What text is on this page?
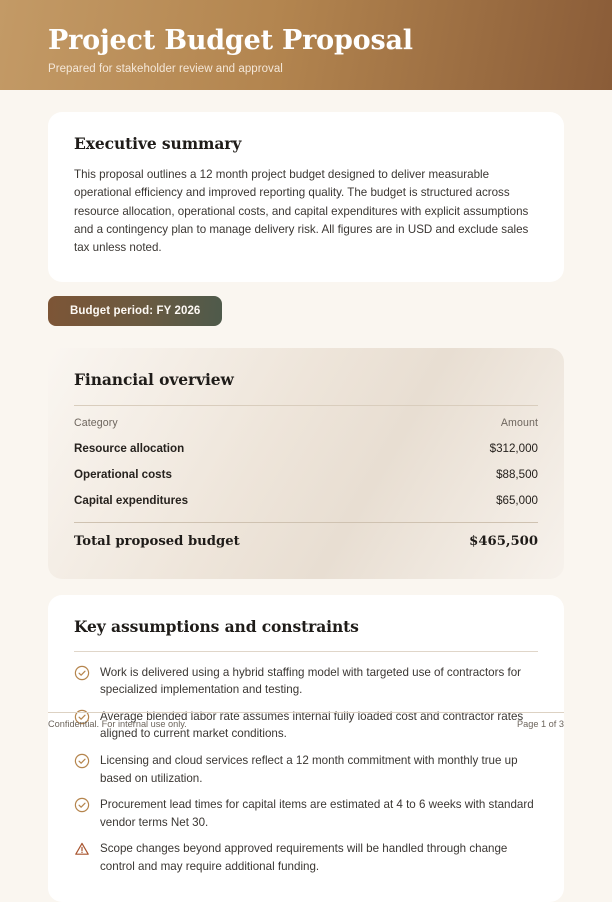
Project Budget Proposal
Prepared for stakeholder review and approval
Executive summary
This proposal outlines a 12 month project budget designed to deliver measurable operational efficiency and improved reporting quality. The budget is structured across resource allocation, operational costs, and capital expenditures with explicit assumptions and a contingency plan to manage delivery risk. All figures are in USD and exclude sales tax unless noted.
Budget period: FY 2026
Financial overview
Category	Amount
Resource allocation	$312,000
Operational costs	$88,500
Capital expenditures	$65,000
Total proposed budget	$465,500
Key assumptions and constraints
Work is delivered using a hybrid staffing model with targeted use of contractors for specialized implementation and testing.
Average blended labor rate assumes internal fully loaded cost and contractor rates aligned to current market conditions.
Licensing and cloud services reflect a 12 month commitment with monthly true up based on utilization.
Procurement lead times for capital items are estimated at 4 to 6 weeks with standard vendor terms Net 30.
Scope changes beyond approved requirements will be handled through change control and may require additional funding.
Confidential. For internal use only.	Page 1 of 3
